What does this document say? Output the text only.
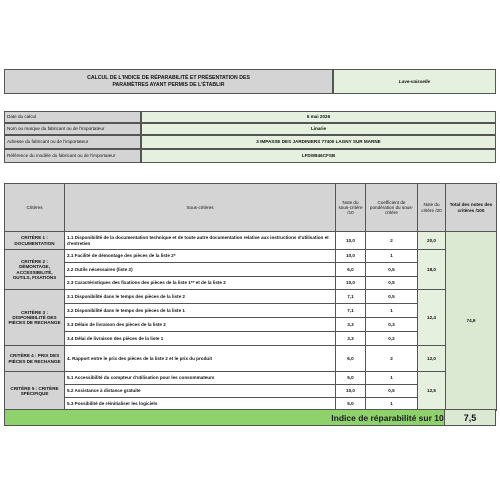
CALCUL DE L'INDICE DE RÉPARABILITÉ ET PRÉSENTATION DES
PARAMÈTRES AYANT PERMIS DE L'ÉTABLIR
Lave-vaisselle
Date du calcul	6 mai 2026
Nom ou marque du fabricant ou de l'importateur	Linarie
Adresse du fabricant ou de l'importateur	3 IMPASSE DES JARDINIERS 77400 LAGNY SUR MARNE
Référence du modèle du fabricant ou de l'importateur	LFDW846CFSB
Critères	Sous-critères	Note du sous-critère /10	Coefficient de pondération du sous-critère	Note du critère /20	Total des notes des critères /100
CRITÈRE 1 : DOCUMENTATION	1.1 Disponibilité de la documentation technique et de toute autre documentation relative aux instructions d'utilisation et d'entretien	10,0	2	20,0	74,9
CRITÈRE 2 : DÉMONTAGE, ACCESSIBILITÉ, OUTILS, FIXATIONS	2.1 Facilité de démontage des pièces de la liste 2*	10,0	1	18,0	
	2.2 Outils nécessaires (liste 2)	6,0	0,5		
	2.3 Caractéristiques des fixations des pièces de la liste 1** et de la liste 2	10,0	0,5		
CRITÈRE 3 : DISPONIBILITÉ DES PIÈCES DE RECHANGE	3.1 Disponibilité dans le temps des pièces de la liste 2	7,1	0,5	12,4	
	3.2 Disponibilité dans le temps des pièces de la liste 1	7,1	1		
	3.3 Délais de livraison des pièces de la liste 2	3,3	0,3		
	3.4 Délai de livraison des pièces de la liste 1	3,3	0,2		
CRITÈRE 4 : PRIX DES PIÈCES DE RECHANGE	4. Rapport entre le prix des pièces de la liste 2 et le prix du produit	6,0	2	12,0	
CRITÈRE 5 : CRITÈRE SPÉCIFIQUE	5.1 Accessibilité du compteur d'utilisation pour les consommateurs	5,0	1	12,5	
	5.2 Assistance à distance gratuite	10,0	0,5		
	5.3 Possibilité de réinitialiser les logiciels	5,0	1		
Indice de réparabilité sur 10 7,5
